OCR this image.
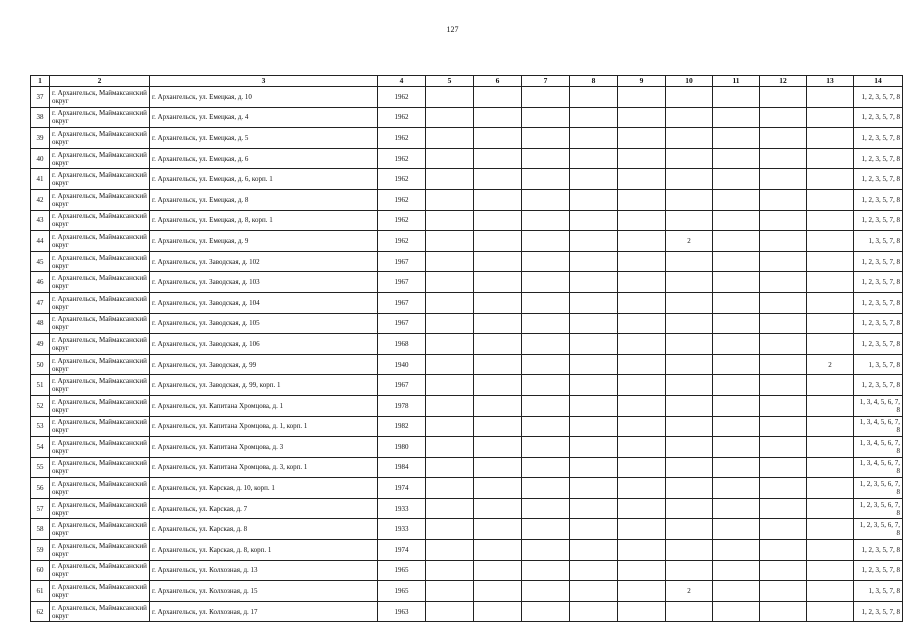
127
1	2	3	4	5	6	7	8	9	10	11	12	13	14
37	г. Архангельск, Маймаксанский округ	г. Архангельск, ул. Емецкая, д. 10	1962										1, 2, 3, 5, 7, 8
38	г. Архангельск, Маймаксанский округ	г. Архангельск, ул. Емецкая, д. 4	1962										1, 2, 3, 5, 7, 8
39	г. Архангельск, Маймаксанский округ	г. Архангельск, ул. Емецкая, д. 5	1962										1, 2, 3, 5, 7, 8
40	г. Архангельск, Маймаксанский округ	г. Архангельск, ул. Емецкая, д. 6	1962										1, 2, 3, 5, 7, 8
41	г. Архангельск, Маймаксанский округ	г. Архангельск, ул. Емецкая, д. 6, корп. 1	1962										1, 2, 3, 5, 7, 8
42	г. Архангельск, Маймаксанский округ	г. Архангельск, ул. Емецкая, д. 8	1962										1, 2, 3, 5, 7, 8
43	г. Архангельск, Маймаксанский округ	г. Архангельск, ул. Емецкая, д. 8, корп. 1	1962										1, 2, 3, 5, 7, 8
44	г. Архангельск, Маймаксанский округ	г. Архангельск, ул. Емецкая, д. 9	1962						2				1, 3, 5, 7, 8
45	г. Архангельск, Маймаксанский округ	г. Архангельск, ул. Заводская, д. 102	1967										1, 2, 3, 5, 7, 8
46	г. Архангельск, Маймаксанский округ	г. Архангельск, ул. Заводская, д. 103	1967										1, 2, 3, 5, 7, 8
47	г. Архангельск, Маймаксанский округ	г. Архангельск, ул. Заводская, д. 104	1967										1, 2, 3, 5, 7, 8
48	г. Архангельск, Маймаксанский округ	г. Архангельск, ул. Заводская, д. 105	1967										1, 2, 3, 5, 7, 8
49	г. Архангельск, Маймаксанский округ	г. Архангельск, ул. Заводская, д. 106	1968										1, 2, 3, 5, 7, 8
50	г. Архангельск, Маймаксанский округ	г. Архангельск, ул. Заводская, д. 99	1940									2	1, 3, 5, 7, 8
51	г. Архангельск, Маймаксанский округ	г. Архангельск, ул. Заводская, д. 99, корп. 1	1967										1, 2, 3, 5, 7, 8
52	г. Архангельск, Маймаксанский округ	г. Архангельск, ул. Капитана Хромцова, д. 1	1978										1, 3, 4, 5, 6, 7, 8
53	г. Архангельск, Маймаксанский округ	г. Архангельск, ул. Капитана Хромцова, д. 1, корп. 1	1982										1, 3, 4, 5, 6, 7, 8
54	г. Архангельск, Маймаксанский округ	г. Архангельск, ул. Капитана Хромцова, д. 3	1980										1, 3, 4, 5, 6, 7, 8
55	г. Архангельск, Маймаксанский округ	г. Архангельск, ул. Капитана Хромцова, д. 3, корп. 1	1984										1, 3, 4, 5, 6, 7, 8
56	г. Архангельск, Маймаксанский округ	г. Архангельск, ул. Карская, д. 10, корп. 1	1974										1, 2, 3, 5, 6, 7, 8
57	г. Архангельск, Маймаксанский округ	г. Архангельск, ул. Карская, д. 7	1933										1, 2, 3, 5, 6, 7, 8
58	г. Архангельск, Маймаксанский округ	г. Архангельск, ул. Карская, д. 8	1933										1, 2, 3, 5, 6, 7, 8
59	г. Архангельск, Маймаксанский округ	г. Архангельск, ул. Карская, д. 8, корп. 1	1974										1, 2, 3, 5, 7, 8
60	г. Архангельск, Маймаксанский округ	г. Архангельск, ул. Колхозная, д. 13	1965										1, 2, 3, 5, 7, 8
61	г. Архангельск, Маймаксанский округ	г. Архангельск, ул. Колхозная, д. 15	1965						2				1, 3, 5, 7, 8
62	г. Архангельск, Маймаксанский округ	г. Архангельск, ул. Колхозная, д. 17	1963										1, 2, 3, 5, 7, 8
